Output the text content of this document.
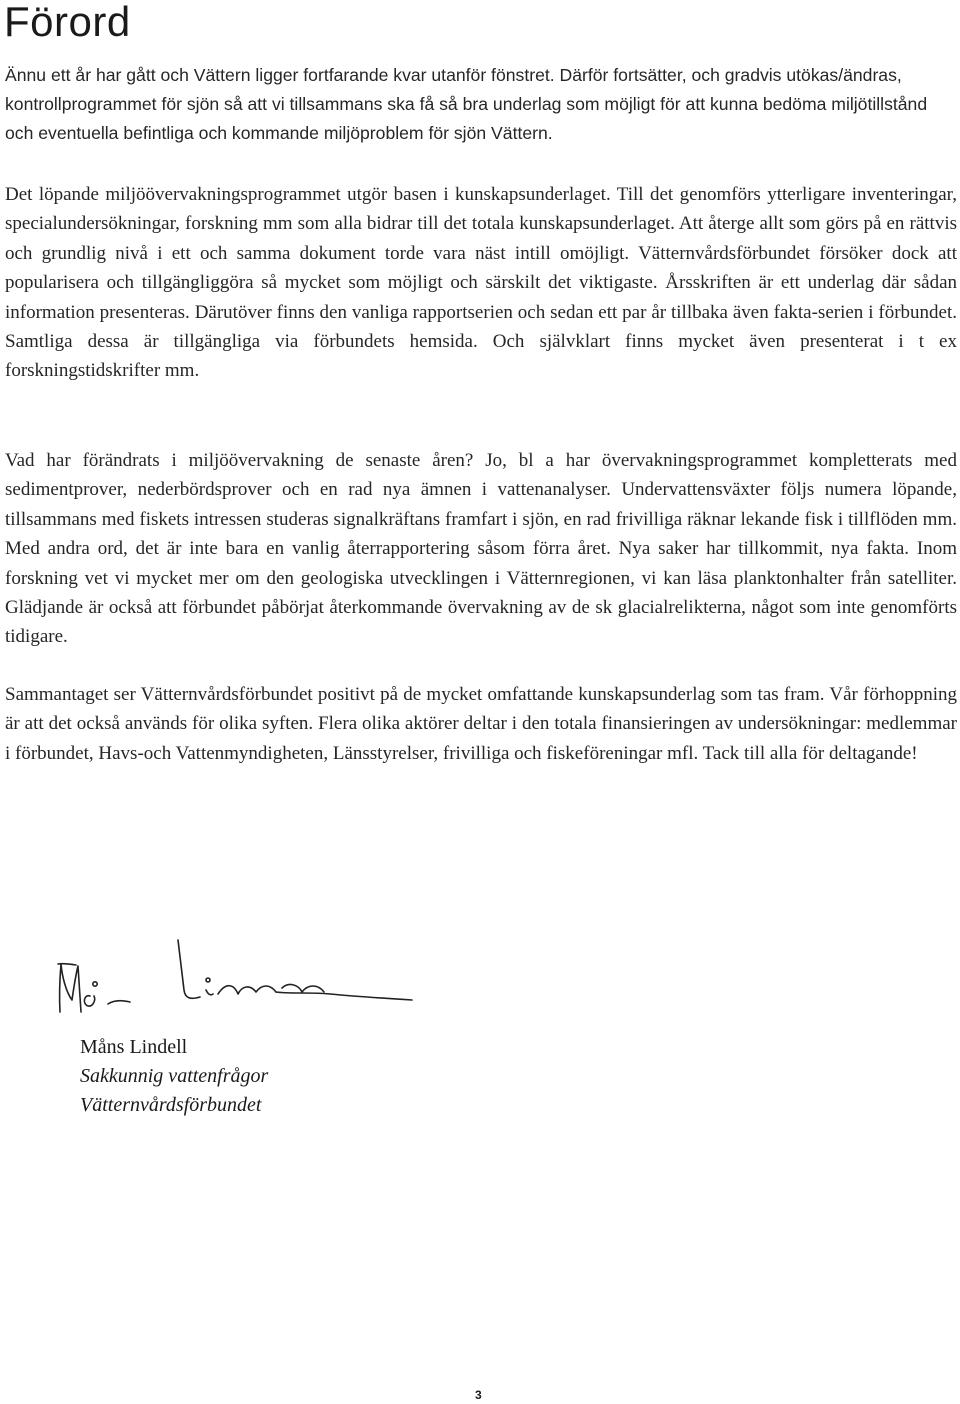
Förord

Ännu ett år har gått och Vättern ligger fortfarande kvar utanför fönstret. Därför fortsätter, och gradvis utökas/ändras, kontrollprogrammet för sjön så att vi tillsammans ska få så bra underlag som möjligt för att kunna bedöma miljötillstånd och eventuella befintliga och kommande miljöproblem för sjön Vättern.

Det löpande miljöövervakningsprogrammet utgör basen i kunskapsunderlaget. Till det genomförs ytterligare inventeringar, specialundersökningar, forskning mm som alla bidrar till det totala kunskapsunderlaget. Att återge allt som görs på en rättvis och grundlig nivå i ett och samma dokument torde vara näst intill omöjligt. Vätternvårdsförbundet försöker dock att popularisera och tillgängliggöra så mycket som möjligt och särskilt det viktigaste. Årsskriften är ett underlag där sådan information presenteras. Därutöver finns den vanliga rapportserien och sedan ett par år tillbaka även fakta-serien i förbundet. Samtliga dessa är tillgängliga via förbundets hemsida. Och självklart finns mycket även presenterat i t ex forskningstidskrifter mm.

Vad har förändrats i miljöövervakning de senaste åren? Jo, bl a har övervakningsprogrammet kompletterats med sedimentprover, nederbördsprover och en rad nya ämnen i vattenanalyser. Undervattensväxter följs numera löpande, tillsammans med fiskets intressen studeras signalkräftans framfart i sjön, en rad frivilliga räknar lekande fisk i tillflöden mm. Med andra ord, det är inte bara en vanlig återrapportering såsom förra året. Nya saker har tillkommit, nya fakta. Inom forskning vet vi mycket mer om den geologiska utvecklingen i Vätternregionen, vi kan läsa planktonhalter från satelliter. Glädjande är också att förbundet påbörjat återkommande övervakning av de sk glacialrelikterna, något som inte genomförts tidigare.

Sammantaget ser Vätternvårdsförbundet positivt på de mycket omfattande kunskapsunderlag som tas fram. Vår förhoppning är att det också används för olika syften. Flera olika aktörer deltar i den totala finansieringen av undersökningar: medlemmar i förbundet, Havs-och Vattenmyndigheten, Länsstyrelser, frivilliga och fiskeföreningar mfl. Tack till alla för deltagande!

Måns Lindell
Sakkunnig vattenfrågor
Vätternvårdsförbundet
3
